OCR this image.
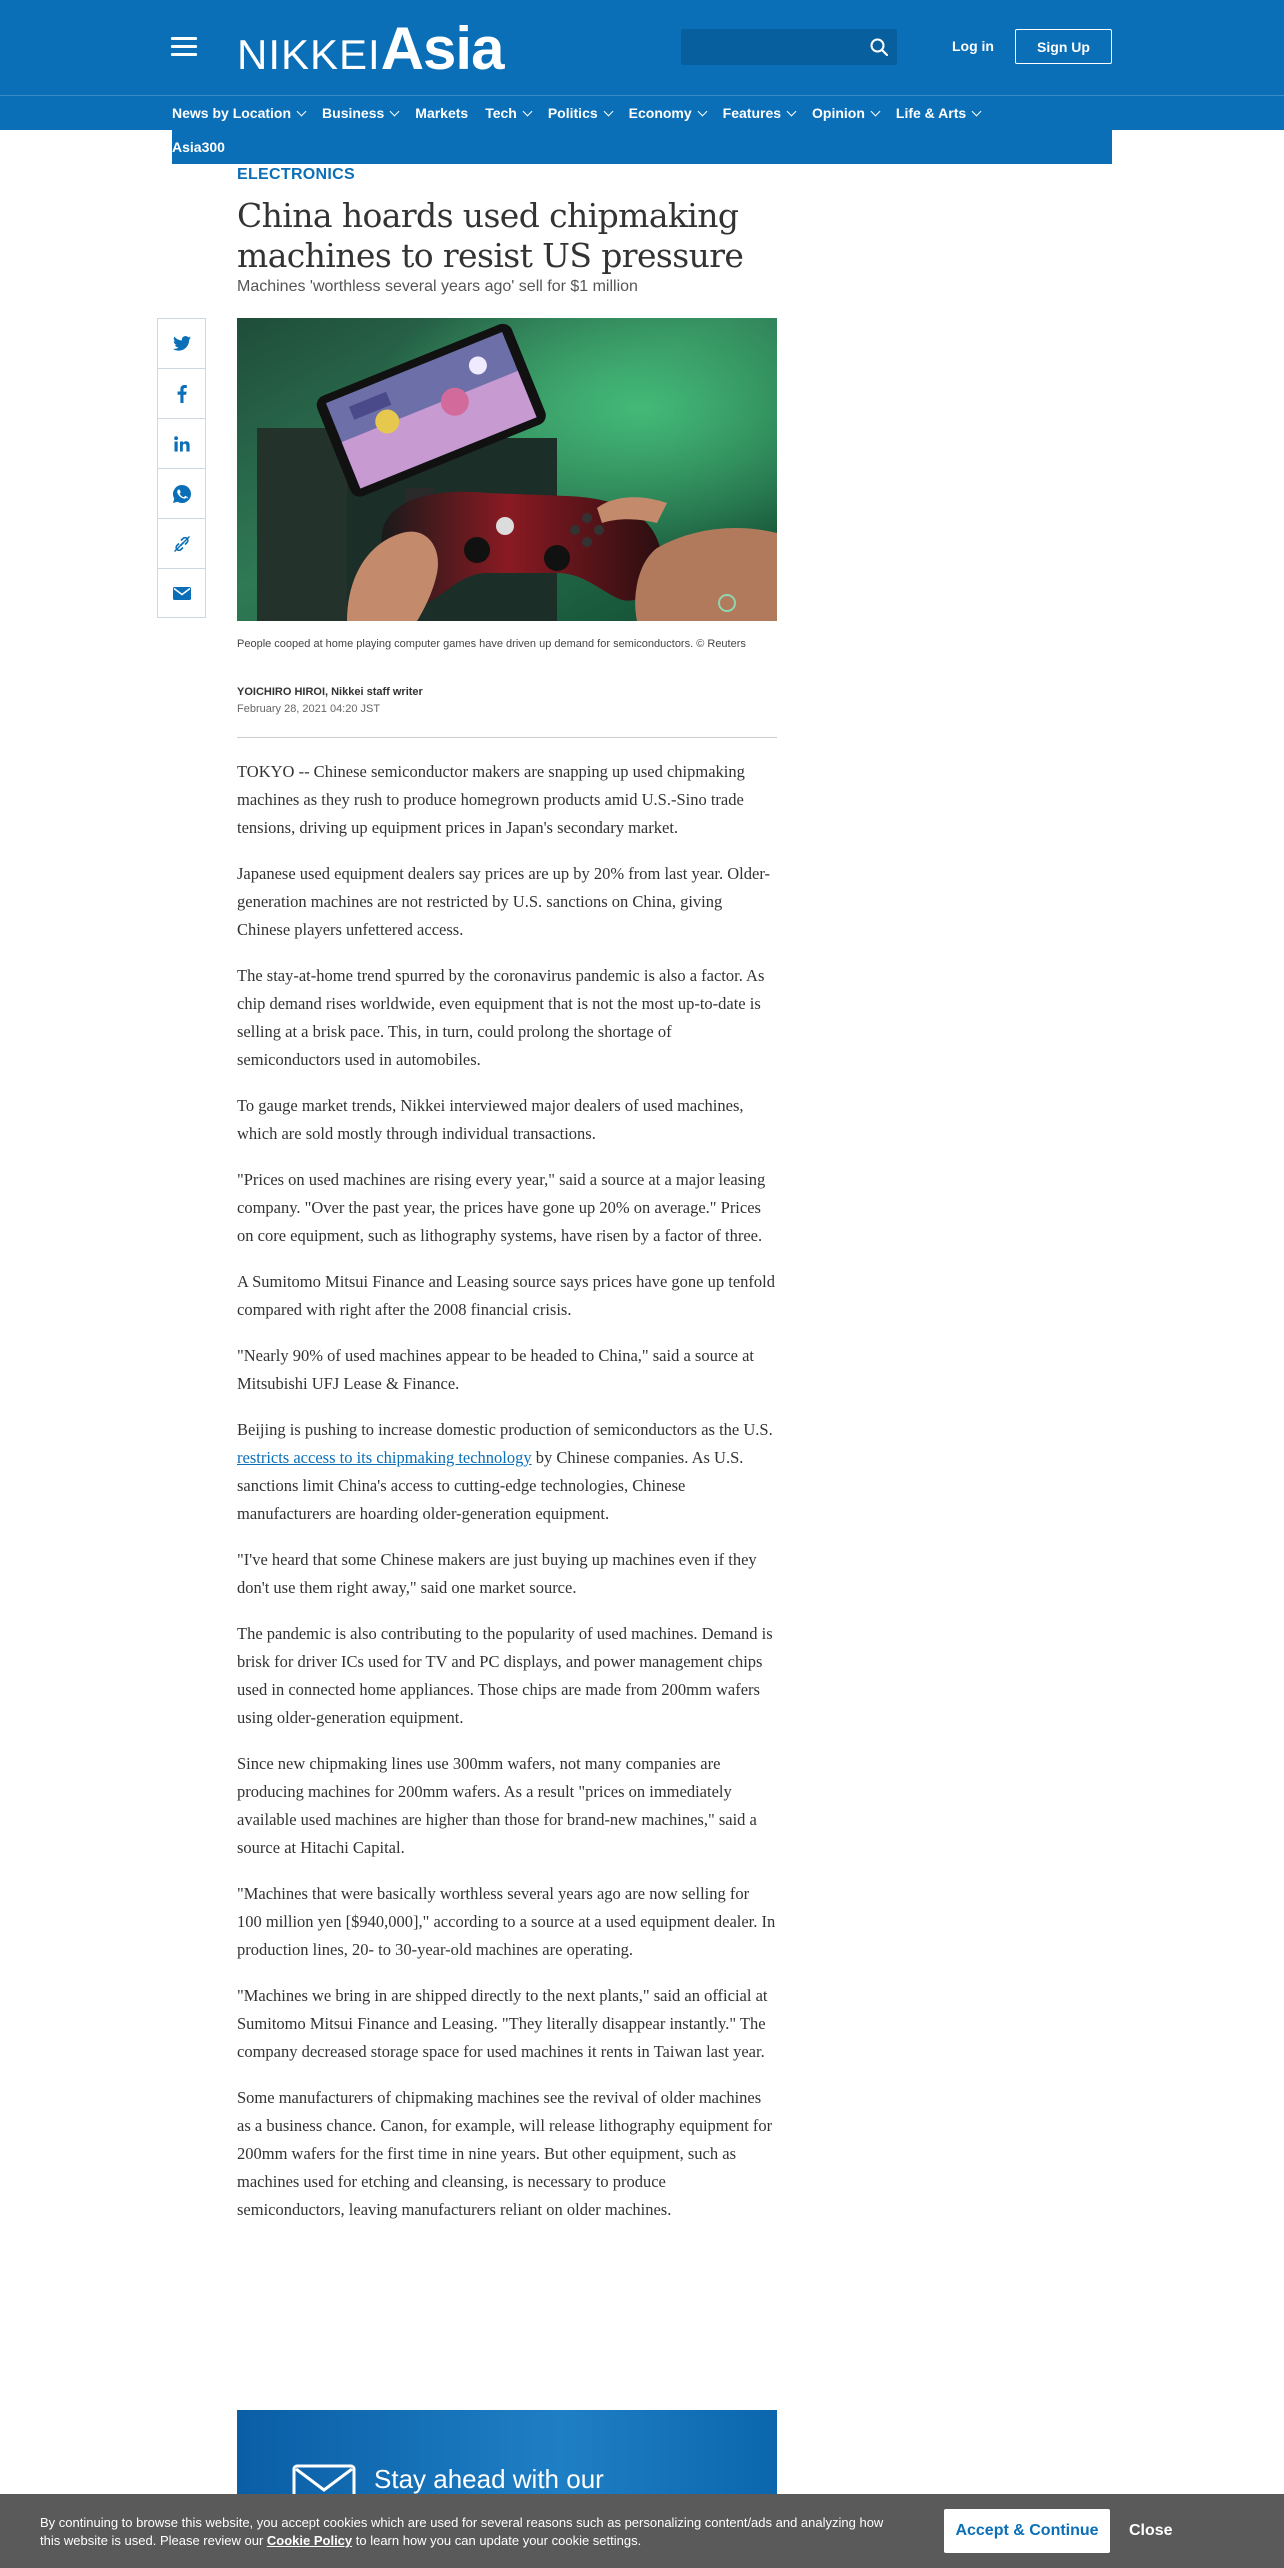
NIKKEIAsia	Log in	Sign Up
News by Location	Business	Markets Tech	Politics	Economy	Features	Opinion	Life & Arts
Asia300
ELECTRONICS
China hoards used chipmaking machines to resist US pressure
Machines 'worthless several years ago' sell for $1 million
People cooped at home playing computer games have driven up demand for semiconductors. © Reuters
YOICHIRO HIROI, Nikkei staff writer
February 28, 2021 04:20 JST

TOKYO -- Chinese semiconductor makers are snapping up used chipmaking machines as they rush to produce homegrown products amid U.S.-Sino trade tensions, driving up equipment prices in Japan's secondary market.

Japanese used equipment dealers say prices are up by 20% from last year. Older-generation machines are not restricted by U.S. sanctions on China, giving Chinese players unfettered access.

The stay-at-home trend spurred by the coronavirus pandemic is also a factor. As chip demand rises worldwide, even equipment that is not the most up-to-date is selling at a brisk pace. This, in turn, could prolong the shortage of semiconductors used in automobiles.

To gauge market trends, Nikkei interviewed major dealers of used machines, which are sold mostly through individual transactions.

"Prices on used machines are rising every year," said a source at a major leasing company. "Over the past year, the prices have gone up 20% on average." Prices on core equipment, such as lithography systems, have risen by a factor of three.

A Sumitomo Mitsui Finance and Leasing source says prices have gone up tenfold compared with right after the 2008 financial crisis.

"Nearly 90% of used machines appear to be headed to China," said a source at Mitsubishi UFJ Lease & Finance.

Beijing is pushing to increase domestic production of semiconductors as the U.S. restricts access to its chipmaking technology by Chinese companies. As U.S. sanctions limit China's access to cutting-edge technologies, Chinese manufacturers are hoarding older-generation equipment.

"I've heard that some Chinese makers are just buying up machines even if they don't use them right away," said one market source.

The pandemic is also contributing to the popularity of used machines. Demand is brisk for driver ICs used for TV and PC displays, and power management chips used in connected home appliances. Those chips are made from 200mm wafers using older-generation equipment.

Since new chipmaking lines use 300mm wafers, not many companies are producing machines for 200mm wafers. As a result "prices on immediately available used machines are higher than those for brand-new machines," said a source at Hitachi Capital.

"Machines that were basically worthless several years ago are now selling for 100 million yen [$940,000]," according to a source at a used equipment dealer. In production lines, 20- to 30-year-old machines are operating.

"Machines we bring in are shipped directly to the next plants," said an official at Sumitomo Mitsui Finance and Leasing. "They literally disappear instantly." The company decreased storage space for used machines it rents in Taiwan last year.

Some manufacturers of chipmaking machines see the revival of older machines as a business chance. Canon, for example, will release lithography equipment for 200mm wafers for the first time in nine years. But other equipment, such as machines used for etching and cleansing, is necessary to produce semiconductors, leaving manufacturers reliant on older machines.

Stay ahead with our
By continuing to browse this website, you accept cookies which are used for several reasons such as personalizing content/ads and analyzing how this website is used. Please review our Cookie Policy to learn how you can update your cookie settings.
Accept & Continue	Close
